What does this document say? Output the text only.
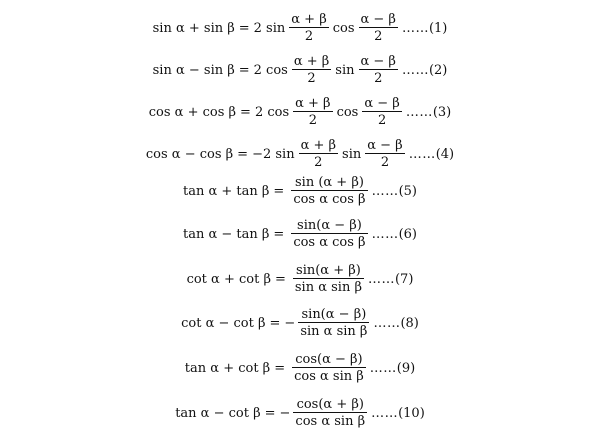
sin α + sin β = 2 $\sin \frac{\alpha + \beta}{2}$ $\cos \frac{\alpha - \beta}{2}$ …… (1)
sin α − sin β = 2 $\cos \frac{\alpha + \beta}{2}$ $\sin \frac{\alpha - \beta}{2}$ …… (2)
cos α + cos β = 2 $\cos \frac{\alpha + \beta}{2}$ $\cos \frac{\alpha - \beta}{2}$ …… (3)
cos α − cos β = −2 $\sin \frac{\alpha + \beta}{2}$ $\sin \frac{\alpha - \beta}{2}$ …… (4)
$\tan \alpha + \tan \beta = \frac{\sin (\alpha + \beta)}{\text{cos α cos β}}$ …… (5)
$\tan \alpha - \tan \beta = \frac{\sin(\alpha - \beta)}{\text{cos α cos β}}$ …… (6)
$\cot \alpha + \cot \beta = \frac{\sin(\alpha + \beta)}{\text{sin α sin β}}$ …… (7)
cot α − cot β = − $\frac{\sin(\alpha - \beta)}{\text{sin α sin β}}$ …… (8)
$\tan \alpha + \cot \beta = \frac{\cos(\alpha - \beta)}{\text{cos α sin β}}$ …… (9)
tan α − cot β = − $\frac{\cos(\alpha + \beta)}{\text{cos α sin β}}$ …… (10)
